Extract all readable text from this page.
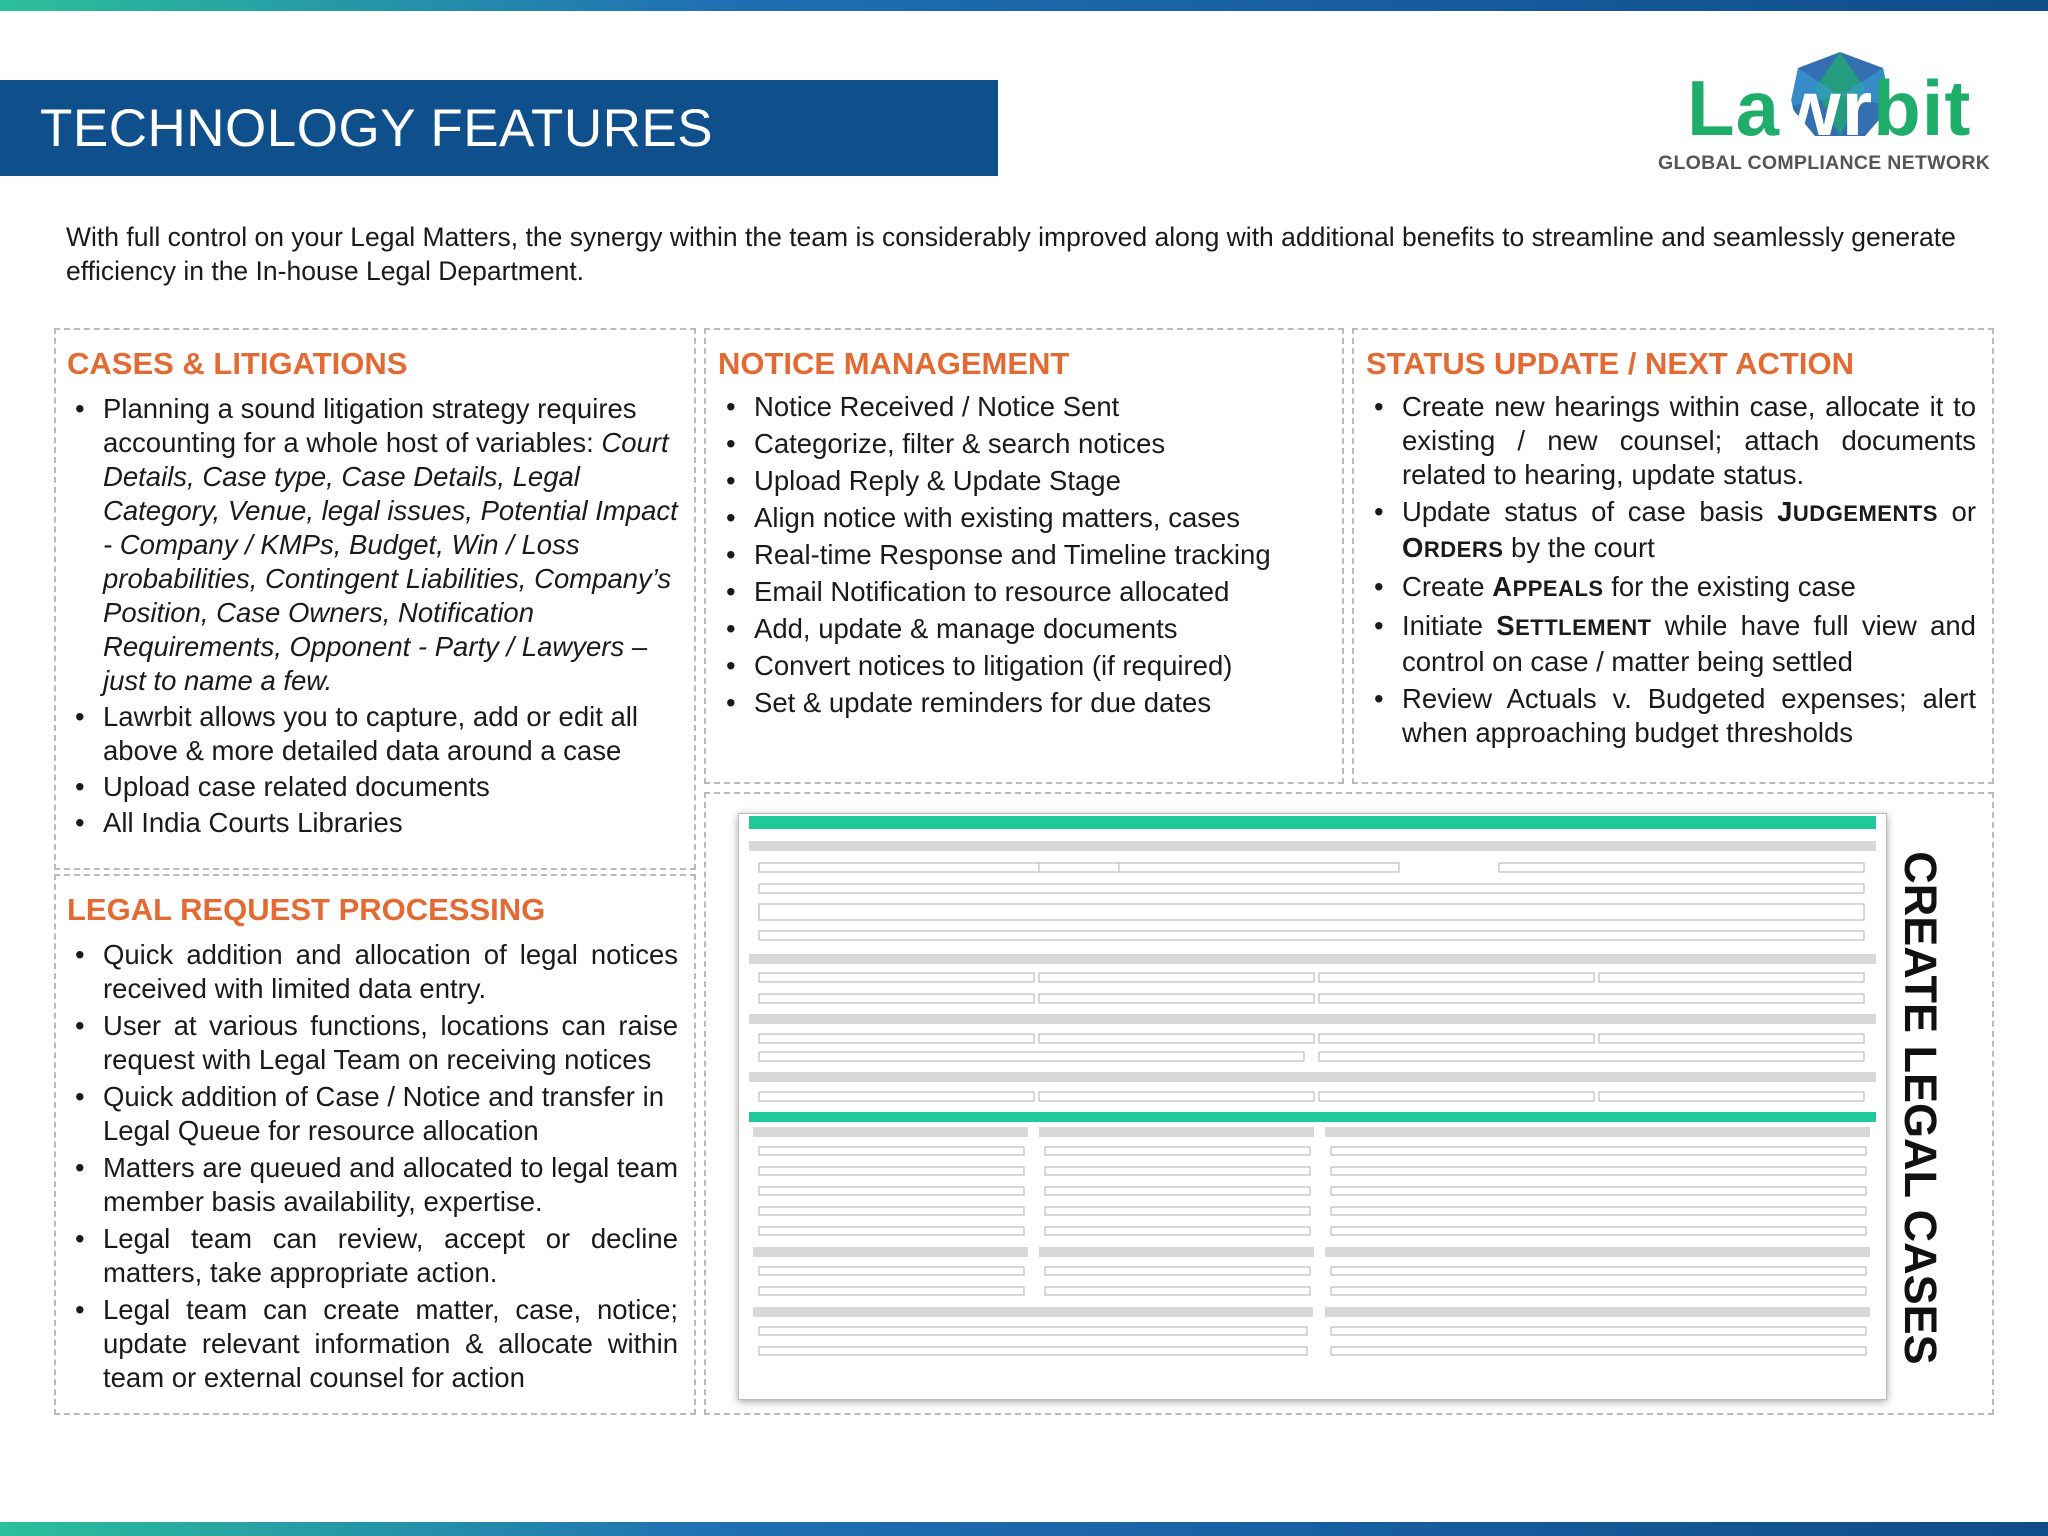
TECHNOLOGY FEATURES	Lawrbit
GLOBAL COMPLIANCE NETWORK
With full control on your Legal Matters, the synergy within the team is considerably improved along with additional benefits to streamline and seamlessly generate efficiency in the In-house Legal Department.
CASES & LITIGATIONS
• Planning a sound litigation strategy requires accounting for a whole host of variables: Court Details, Case type, Case Details, Legal Category, Venue, legal issues, Potential Impact - Company / KMPs, Budget, Win / Loss probabilities, Contingent Liabilities, Company’s Position, Case Owners, Notification Requirements, Opponent - Party / Lawyers – just to name a few.
• Lawrbit allows you to capture, add or edit all above & more detailed data around a case
• Upload case related documents
• All India Courts Libraries
NOTICE MANAGEMENT
• Notice Received / Notice Sent
• Categorize, filter & search notices
• Upload Reply & Update Stage
• Align notice with existing matters, cases
• Real-time Response and Timeline tracking
• Email Notification to resource allocated
• Add, update & manage documents
• Convert notices to litigation (if required)
• Set & update reminders for due dates
STATUS UPDATE / NEXT ACTION
• Create new hearings within case, allocate it to existing / new counsel; attach documents related to hearing, update status.
• Update status of case basis JUDGEMENTS or ORDERS by the court
• Create APPEALS for the existing case
• Initiate SETTLEMENT while have full view and control on case / matter being settled
• Review Actuals v. Budgeted expenses; alert when approaching budget thresholds
LEGAL REQUEST PROCESSING
• Quick addition and allocation of legal notices received with limited data entry.
• User at various functions, locations can raise request with Legal Team on receiving notices
• Quick addition of Case / Notice and transfer in Legal Queue for resource allocation
• Matters are queued and allocated to legal team member basis availability, expertise.
• Legal team can review, accept or decline matters, take appropriate action.
• Legal team can create matter, case, notice; update relevant information & allocate within team or external counsel for action
CREATE LEGAL CASES
